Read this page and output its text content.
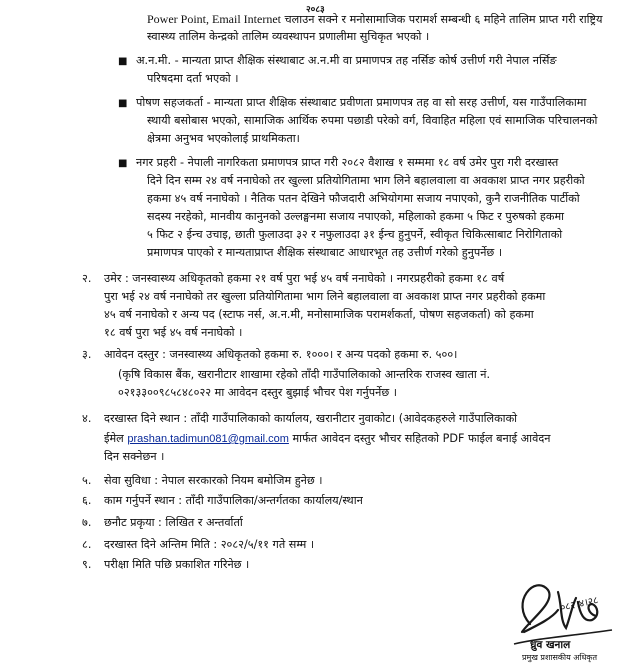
२०८३
Power Point, Email Internet चलाउन सक्ने र मनोसामाजिक परामर्श सम्बन्धी ६ महिने तालिम प्राप्त गरी राष्ट्रिय
स्वास्थ्य तालिम केन्द्रको तालिम व्यवस्थापन प्रणालीमा सुचिकृत भएको ।
■ अ.न.मी. - मान्यता प्राप्त शैक्षिक संस्थाबाट अ.न.मी वा प्रमाणपत्र तह नर्सिङ कोर्ष उत्तीर्ण गरी नेपाल नर्सिङ
परिषदमा दर्ता भएको ।
■ पोषण सहजकर्ता - मान्यता प्राप्त शैक्षिक संस्थाबाट प्रवीणता प्रमाणपत्र तह वा सो सरह उत्तीर्ण, यस गाउँपालिकामा
स्थायी बसोबास भएको, सामाजिक आर्थिक रुपमा पछाडी परेको वर्ग, विवाहित महिला एवं सामाजिक परिचालनको
क्षेत्रमा अनुभव भएकोलाई प्राथमिकता।
■ नगर प्रहरी - नेपाली नागरिकता प्रमाणपत्र प्राप्त गरी २०८२ वैशाख १ सम्ममा १८ वर्ष उमेर पुरा गरी दरखास्त
दिने दिन सम्म २४ वर्ष ननाघेको तर खुल्ला प्रतियोगितामा भाग लिने बहालवाला वा अवकाश प्राप्त नगर प्रहरीको
हकमा ४५ वर्ष ननाघेको । नैतिक पतन देखिने फौजदारी अभियोगमा सजाय नपाएको, कुनै राजनीतिक पार्टीको
सदस्य नरहेको, मानवीय कानुनको उल्लङ्घनमा सजाय नपाएको, महिलाको हकमा ५ फिट र पुरुषको हकमा
५ फिट २ ईन्च उचाइ, छाती फुलाउदा ३२ र नफुलाउदा ३१ ईन्च हुनुपर्ने, स्वीकृत चिकित्साबाट निरोगिताको
प्रमाणपत्र पाएको र मान्यताप्राप्त शैक्षिक संस्थाबाट आधारभूत तह उत्तीर्ण गरेको हुनुपर्नेछ ।
२. उमेर : जनस्वास्थ्य अधिकृतको हकमा २१ वर्ष पुरा भई ४५ वर्ष ननाघेको । नगरप्रहरीको हकमा १८ वर्ष
पुरा भई २४ वर्ष ननाघेको तर खुल्ला प्रतियोगितामा भाग लिने बहालवाला वा अवकाश प्राप्त नगर प्रहरीको हकमा
४५ वर्ष ननाघेको र अन्य पद (स्टाफ नर्स, अ.न.मी, मनोसामाजिक परामर्शकर्ता, पोषण सहजकर्ता) को हकमा
१८ वर्ष पुरा भई ४५ वर्ष ननाघेको ।
३. आवेदन दस्तुर : जनस्वास्थ्य अधिकृतको हकमा रु. १०००। र अन्य पदको हकमा रु. ५००।
(कृषि विकास बैंक, खरानीटार शाखामा रहेको ताँदी गाउँपालिकाको आन्तरिक राजस्व खाता नं.
०२१३३००९८५८४८०२२ मा आवेदन दस्तुर बुझाई भौचर पेश गर्नुपर्नेछ ।
४. दरखास्त दिने स्थान : ताँदी गाउँपालिकाको कार्यालय, खरानीटार नुवाकोट। (आवेदकहरुले गाउँपालिकाको
ईमेल prashan.tadimun081@gmail.com मार्फत आवेदन दस्तुर भौचर सहितको PDF फाईल बनाई आवेदन
दिन सक्नेछन ।
५. सेवा सुविधा : नेपाल सरकारको नियम बमोजिम हुनेछ ।
६. काम गर्नुपर्ने स्थान : ताँदी गाउँपालिका/अन्तर्गतका कार्यालय/स्थान
७. छनौट प्रकृया : लिखित र अन्तर्वार्ता
८. दरखास्त दिने अन्तिम मिति : २०८२/५/११ गते सम्म ।
९. परीक्षा मिति पछि प्रकाशित गरिनेछ ।
०८२।४।२८
ध्रुव खनाल
प्रमुख प्रशासकीय अधिकृत
